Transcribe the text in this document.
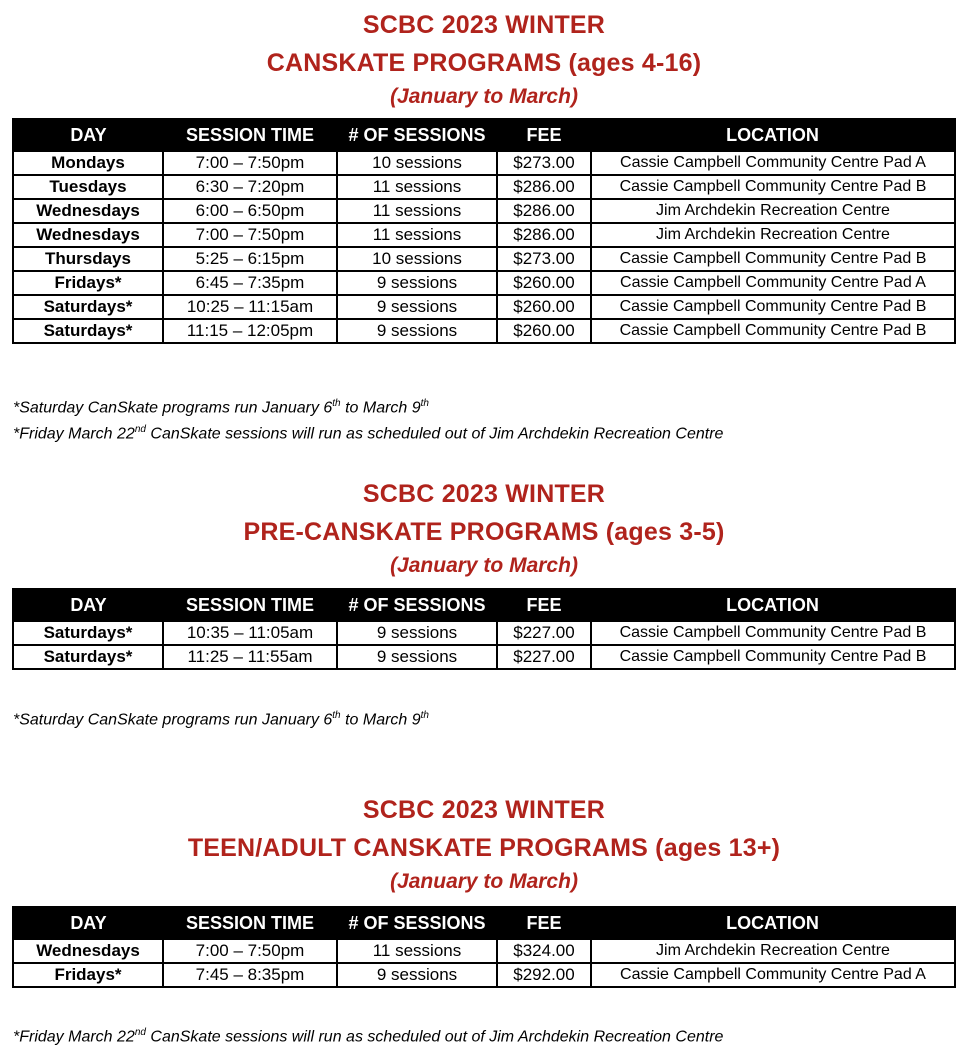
SCBC 2023 WINTER
CANSKATE PROGRAMS (ages 4-16)
(January to March)
DAY	SESSION TIME	# OF SESSIONS	FEE	LOCATION
Mondays	7:00 – 7:50pm	10 sessions	$273.00	Cassie Campbell Community Centre Pad A
Tuesdays	6:30 – 7:20pm	11 sessions	$286.00	Cassie Campbell Community Centre Pad B
Wednesdays	6:00 – 6:50pm	11 sessions	$286.00	Jim Archdekin Recreation Centre
Wednesdays	7:00 – 7:50pm	11 sessions	$286.00	Jim Archdekin Recreation Centre
Thursdays	5:25 – 6:15pm	10 sessions	$273.00	Cassie Campbell Community Centre Pad B
Fridays*	6:45 – 7:35pm	9 sessions	$260.00	Cassie Campbell Community Centre Pad A
Saturdays*	10:25 – 11:15am	9 sessions	$260.00	Cassie Campbell Community Centre Pad B
Saturdays*	11:15 – 12:05pm	9 sessions	$260.00	Cassie Campbell Community Centre Pad B
*Saturday CanSkate programs run January 6th to March 9th
*Friday March 22nd CanSkate sessions will run as scheduled out of Jim Archdekin Recreation Centre
SCBC 2023 WINTER
PRE-CANSKATE PROGRAMS (ages 3-5)
(January to March)
DAY	SESSION TIME	# OF SESSIONS	FEE	LOCATION
Saturdays*	10:35 – 11:05am	9 sessions	$227.00	Cassie Campbell Community Centre Pad B
Saturdays*	11:25 – 11:55am	9 sessions	$227.00	Cassie Campbell Community Centre Pad B
*Saturday CanSkate programs run January 6th to March 9th
SCBC 2023 WINTER
TEEN/ADULT CANSKATE PROGRAMS (ages 13+)
(January to March)
DAY	SESSION TIME	# OF SESSIONS	FEE	LOCATION
Wednesdays	7:00 – 7:50pm	11 sessions	$324.00	Jim Archdekin Recreation Centre
Fridays*	7:45 – 8:35pm	9 sessions	$292.00	Cassie Campbell Community Centre Pad A
*Friday March 22nd CanSkate sessions will run as scheduled out of Jim Archdekin Recreation Centre
